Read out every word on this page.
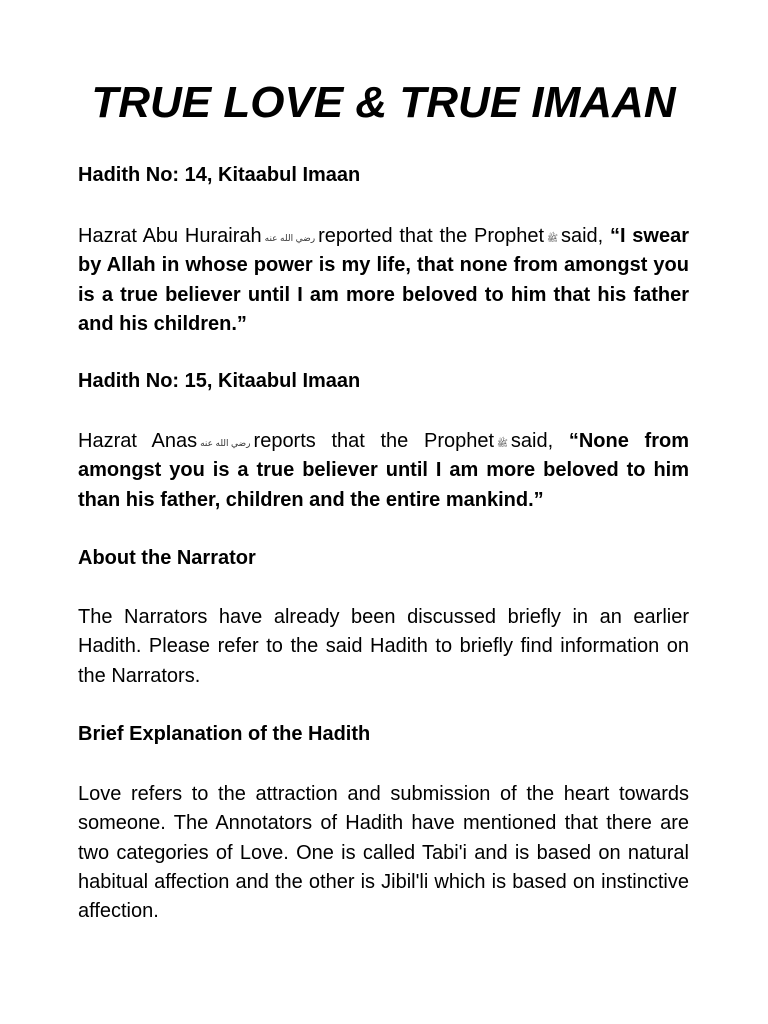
TRUE LOVE & TRUE IMAAN
Hadith No: 14, Kitaabul Imaan

Hazrat Abu Hurairah رضي الله عنه reported that the Prophet ﷺ said, “I swear by Allah in whose power is my life, that none from amongst you is a true believer until I am more beloved to him that his father and his children.”

Hadith No: 15, Kitaabul Imaan

Hazrat Anas رضي الله عنه reports that the Prophet ﷺ said, “None from amongst you is a true believer until I am more beloved to him than his father, children and the entire mankind.”

About the Narrator

The Narrators have already been discussed briefly in an earlier Hadith. Please refer to the said Hadith to briefly find information on the Narrators.

Brief Explanation of the Hadith

Love refers to the attraction and submission of the heart towards someone. The Annotators of Hadith have mentioned that there are two categories of Love. One is called Tabi'i and is based on natural habitual affection and the other is Jibil'li which is based on instinctive affection.
